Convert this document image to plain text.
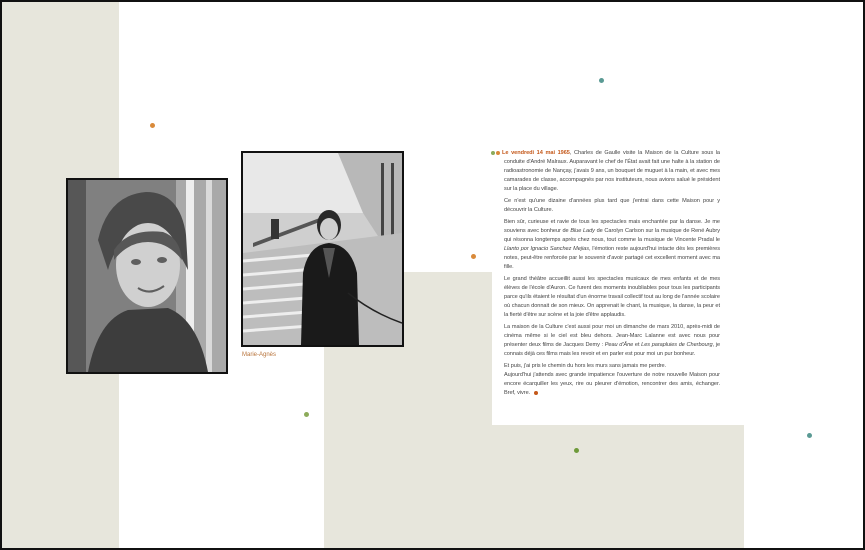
Marie-Agnès

Le vendredi 14 mai 1965, Charles de Gaulle visite la Maison de la Culture sous la conduite d'André Malraux. Auparavant le chef de l'État avait fait une halte à la station de radioastronomie de Nançay, j'avais 9 ans, un bouquet de muguet à la main, et avec mes camarades de classe, accompagnés par nos instituteurs, nous avions salué le président sur la place du village.

Ce n'est qu'une dizaine d'années plus tard que j'entrai dans cette Maison pour y découvrir la Culture.

Bien sûr, curieuse et ravie de tous les spectacles mais enchantée par la danse. Je me souviens avec bonheur de Blue Lady de Carolyn Carlson sur la musique de René Aubry qui résonna longtemps après chez nous, tout comme la musique de Vincente Pradal le Llanto por Ignacio Sanchez Mejias, l'émotion reste aujourd'hui intacte dès les premières notes, peut-être renforcée par le souvenir d'avoir partagé cet excellent moment avec ma fille.

Le grand théâtre accueillit aussi les spectacles musicaux de mes enfants et de mes élèves de l'école d'Auron. Ce furent des moments inoubliables pour tous les participants parce qu'ils étaient le résultat d'un énorme travail collectif tout au long de l'année scolaire où chacun donnait de son mieux. On apprenait le chant, la musique, la danse, la peur et la fierté d'être sur scène et la joie d'être applaudis.

La maison de la Culture c'est aussi pour moi un dimanche de mars 2010, après-midi de cinéma même si le ciel est bleu dehors. Jean-Marc Lalanne est avec nous pour présenter deux films de Jacques Demy : Peau d'Âne et Les parapluies de Cherbourg, je connais déjà ces films mais les revoir et en parler est pour moi un pur bonheur.

Et puis, j'ai pris le chemin du hors les murs sans jamais me perdre.
Aujourd'hui j'attends avec grande impatience l'ouverture de notre nouvelle Maison pour encore écarquiller les yeux, rire ou pleurer d'émotion, rencontrer des amis, échanger. Bref, vivre.
